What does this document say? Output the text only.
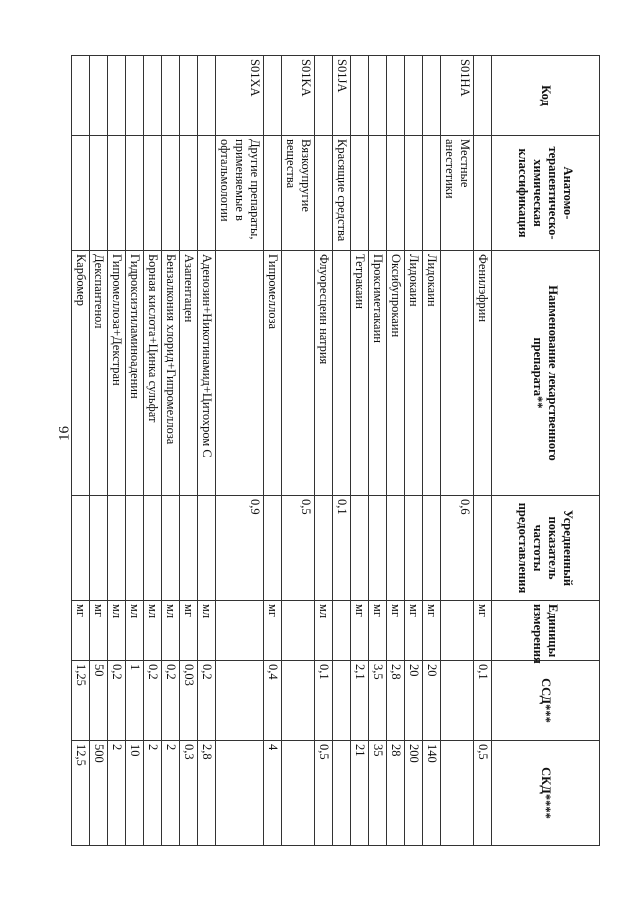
16
Код	Анатомо-терапевтическо-химическая классификация	Наименование лекарственного препарата**	Усредненный показатель частоты предоставления	Единицы измерения	ССД***	СКД****
		Фенилэфрин		мг	0,1	0,5
S01HA	Местные анестетики		0,6			
		Лидокаин		мг	20	140
		Лидокаин		мг	20	200
		Оксибупрокаин		мг	2,8	28
		Проксиметакаин		мг	3,5	35
		Тетракаин		мг	2,1	21
S01JA	Красящие средства		0,1			
		Флуоресцеин натрия		мл	0,1	0,5
S01KA	Вязкоупругие вещества		0,5			
		Гипромеллоза		мг	0,4	4
S01XA	Другие препараты, применяемые в офтальмологии		0,9			
		Аденозин+Никотинамид+Цитохром С		мл	0,2	2,8
		Азапентацен		мг	0,03	0,3
		Бензалкония хлорид+Гипромеллоза		мл	0,2	2
		Борная кислота+Цинка сульфат		мл	0,2	2
		Гидроксиэтиламиноаденин		мл	1	10
		Гипромеллоза+Декстран		мл	0,2	2
		Декспантенол		мг	50	500
		Карбомер		мг	1,25	12,5
